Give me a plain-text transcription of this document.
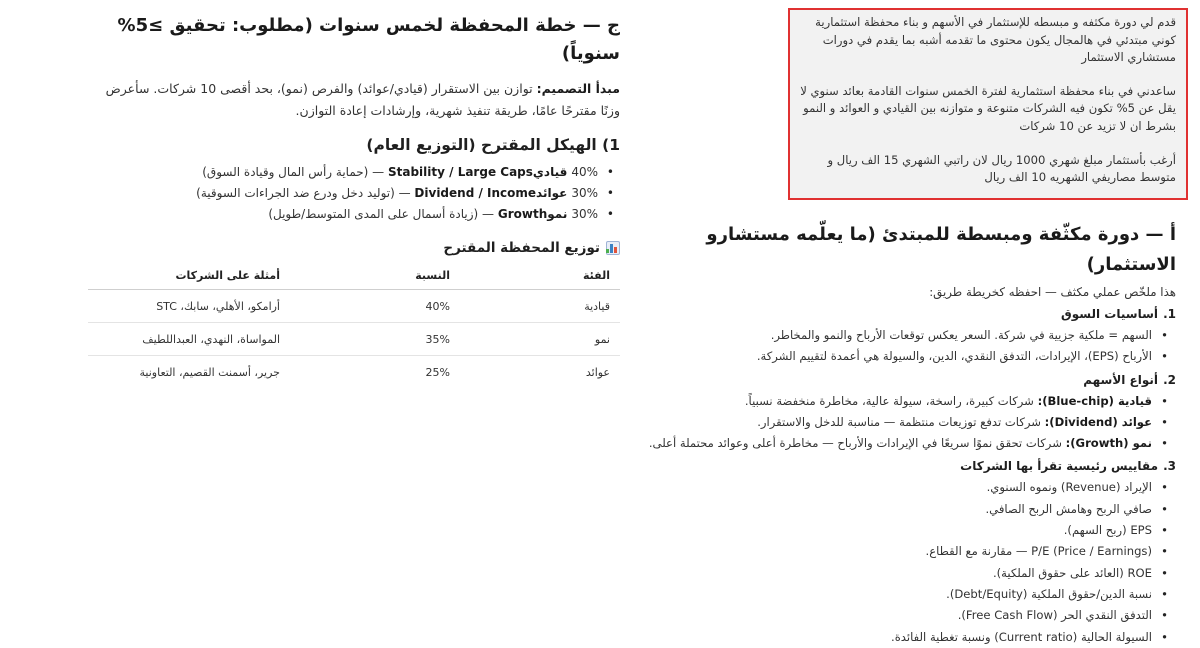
ج — خطة المحفظة لخمس سنوات (مطلوب: تحقيق ≥5% سنوياً)

مبدأ التصميم: توازن بين الاستقرار (قيادي/عوائد) والفرص (نمو)، بحد أقصى 10 شركات. سأعرض وزنًا مقترحًا عامًا، طريقة تنفيذ شهرية، وإرشادات إعادة التوازن.

1) الهيكل المقترح (التوزيع العام)
• 40%قياديStability / Large Caps — (حماية رأس المال وقيادة السوق)
• 30%عوائدDividend / Income — (توليد دخل ودرع ضد الجراءات السوقية)
• 30%نموGrowth — (زيادة أسمال على المدى المتوسط/طويل)
توزيع المحفظة المقترح
الفئة	النسبة	أمثلة على الشركات
قيادية	40%	أرامكو، الأهلي، سابك، STC
نمو	35%	المواساة، النهدي، العبداللطيف
عوائد	25%	جرير، أسمنت القصيم، التعاونية

قدم لي دورة مكثفه و مبسطه للإستثمار في الأسهم و بناء محفظة استثمارية كوني مبتدئي في هالمجال يكون محتوى ما تقدمه أشبه بما يقدم في دورات مستشاري الاستثمار

ساعدني في بناء محفظة استثمارية لفترة الخمس سنوات القادمة بعائد سنوي لا يقل عن 5% تكون فيه الشركات متنوعة و متوازنه بين القيادي و العوائد و النمو بشرط ان لا تزيد عن 10 شركات

أرغب بأستثمار مبلغ شهري 1000 ريال لان راتبي الشهري 15 الف ريال و متوسط مصاريفي الشهريه 10 الف ريال

أ — دورة مكثّفة ومبسطة للمبتدئ (ما يعلّمه مستشارو الاستثمار)

هذا ملخّص عملي مكثف — احفظه كخريطة طريق:

1.أساسيات السوق
• السهم = ملكية جزيية في شركة. السعر يعكس توقعات الأرباح والنمو والمخاطر.
• الأرباح (EPS)، الإيرادات، التدفق النقدي، الدين، والسيولة هي أعمدة لتقييم الشركة.
2.أنواع الأسهم
• قيادية (Blue-chip): شركات كبيرة، راسخة، سيولة عالية، مخاطرة منخفضة نسبياً.
• عوائد (Dividend): شركات تدفع توزيعات منتظمة — مناسبة للدخل والاستقرار.
• نمو (Growth): شركات تحقق نموًا سريعًا في الإيرادات والأرباح — مخاطرة أعلى وعوائد محتملة أعلى.
3.مقاييس رئيسية تقرأ بها الشركات
• الإيراد (Revenue) ونموه السنوي.
• صافي الربح وهامش الربح الصافي.
• EPS (ربح السهم).
• P/E (Price / Earnings) — مقارنة مع القطاع.
• ROE (العائد على حقوق الملكية).
• نسبة الدين/حقوق الملكية (Debt/Equity).
• التدفق النقدي الحر (Free Cash Flow).
• السيولة الحالية (Current ratio) ونسبة تغطية الفائدة.
